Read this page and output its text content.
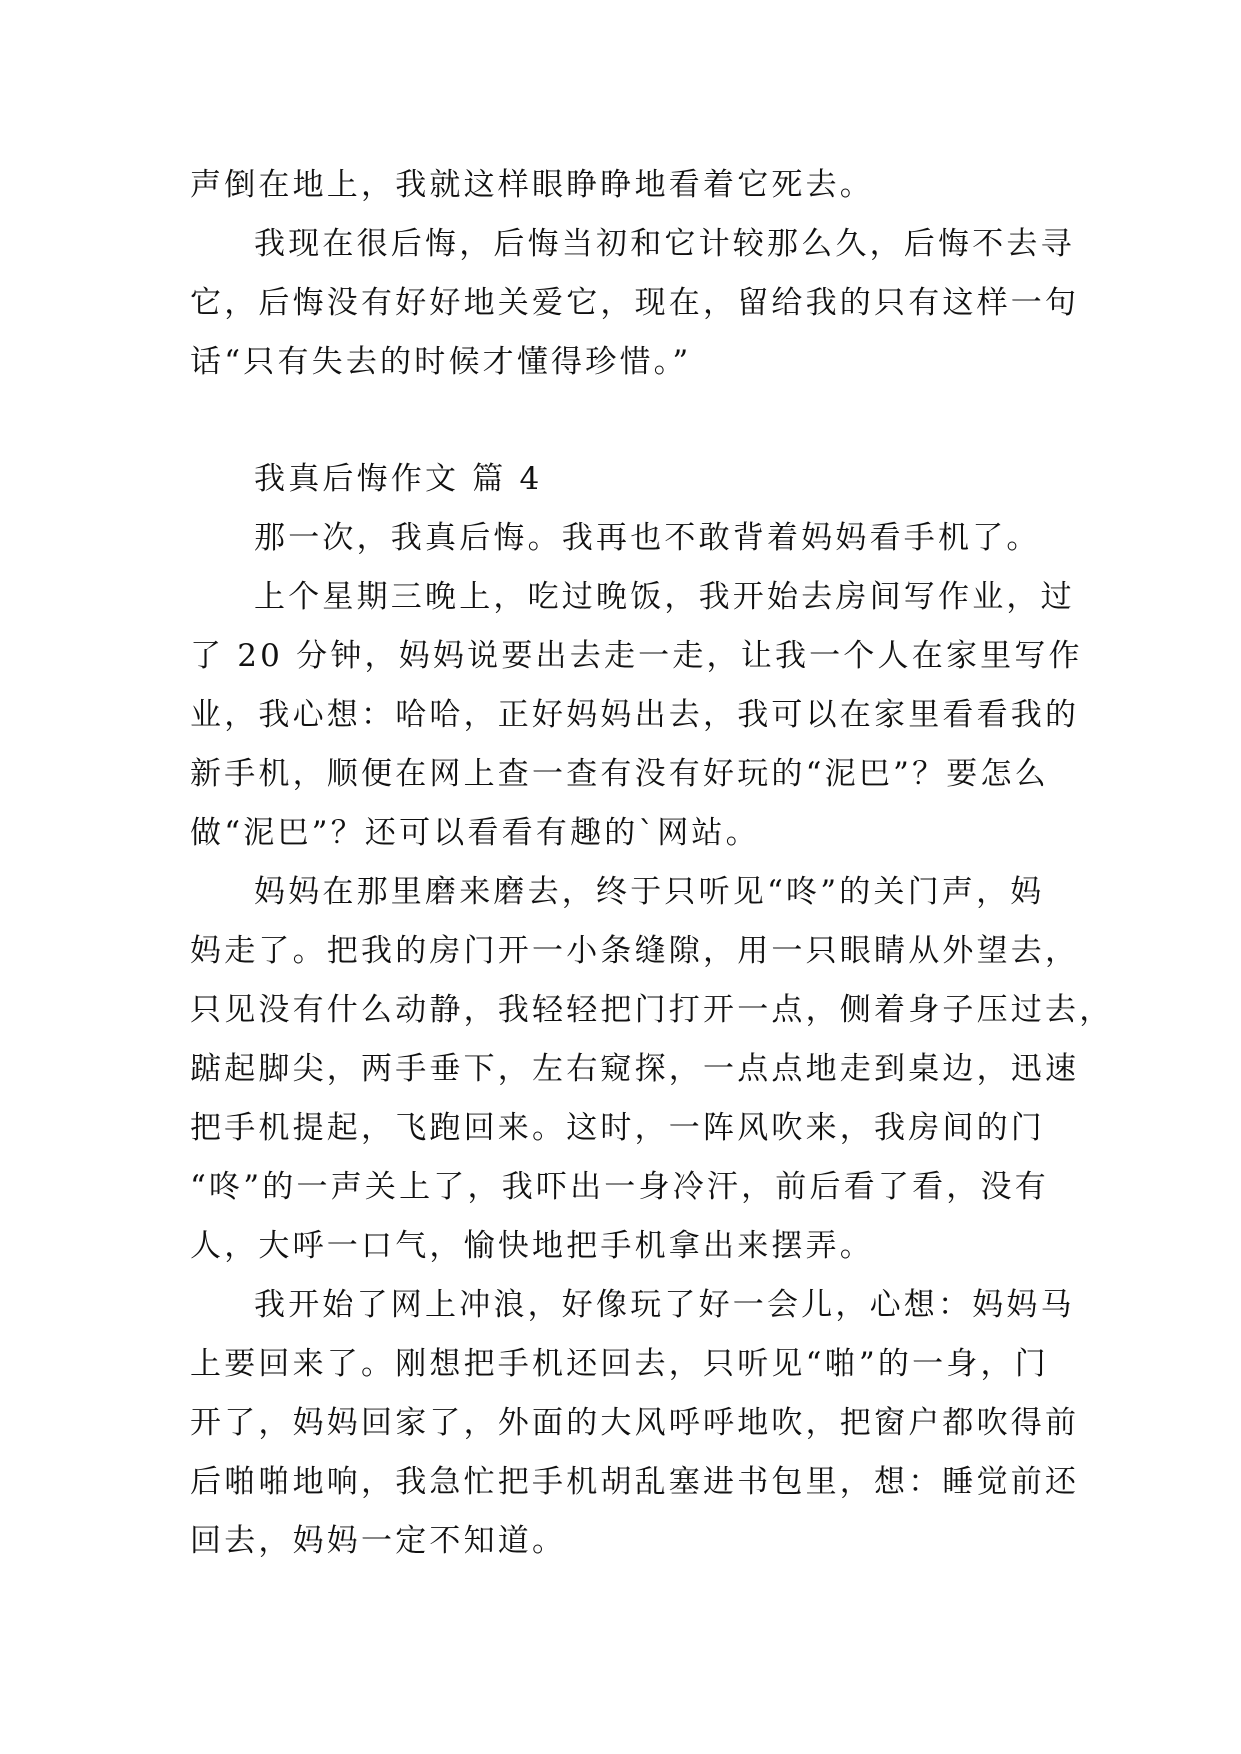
声倒在地上，我就这样眼睁睁地看着它死去。
我现在很后悔，后悔当初和它计较那么久，后悔不去寻
它，后悔没有好好地关爱它，现在，留给我的只有这样一句
话“只有失去的时候才懂得珍惜。”
我真后悔作文 篇 4
那一次，我真后悔。我再也不敢背着妈妈看手机了。
上个星期三晚上，吃过晚饭，我开始去房间写作业，过
了 20 分钟，妈妈说要出去走一走，让我一个人在家里写作
业，我心想：哈哈，正好妈妈出去，我可以在家里看看我的
新手机，顺便在网上查一查有没有好玩的“泥巴”？要怎么
做“泥巴”？还可以看看有趣的`网站。
妈妈在那里磨来磨去，终于只听见“咚”的关门声，妈
妈走了。把我的房门开一小条缝隙，用一只眼睛从外望去，
只见没有什么动静，我轻轻把门打开一点，侧着身子压过去，
踮起脚尖，两手垂下，左右窥探，一点点地走到桌边，迅速
把手机提起，飞跑回来。这时，一阵风吹来，我房间的门
“咚”的一声关上了，我吓出一身冷汗，前后看了看，没有
人，大呼一口气，愉快地把手机拿出来摆弄。
我开始了网上冲浪，好像玩了好一会儿，心想：妈妈马
上要回来了。刚想把手机还回去，只听见“啪”的一身，门
开了，妈妈回家了，外面的大风呼呼地吹，把窗户都吹得前
后啪啪地响，我急忙把手机胡乱塞进书包里，想：睡觉前还
回去，妈妈一定不知道。
